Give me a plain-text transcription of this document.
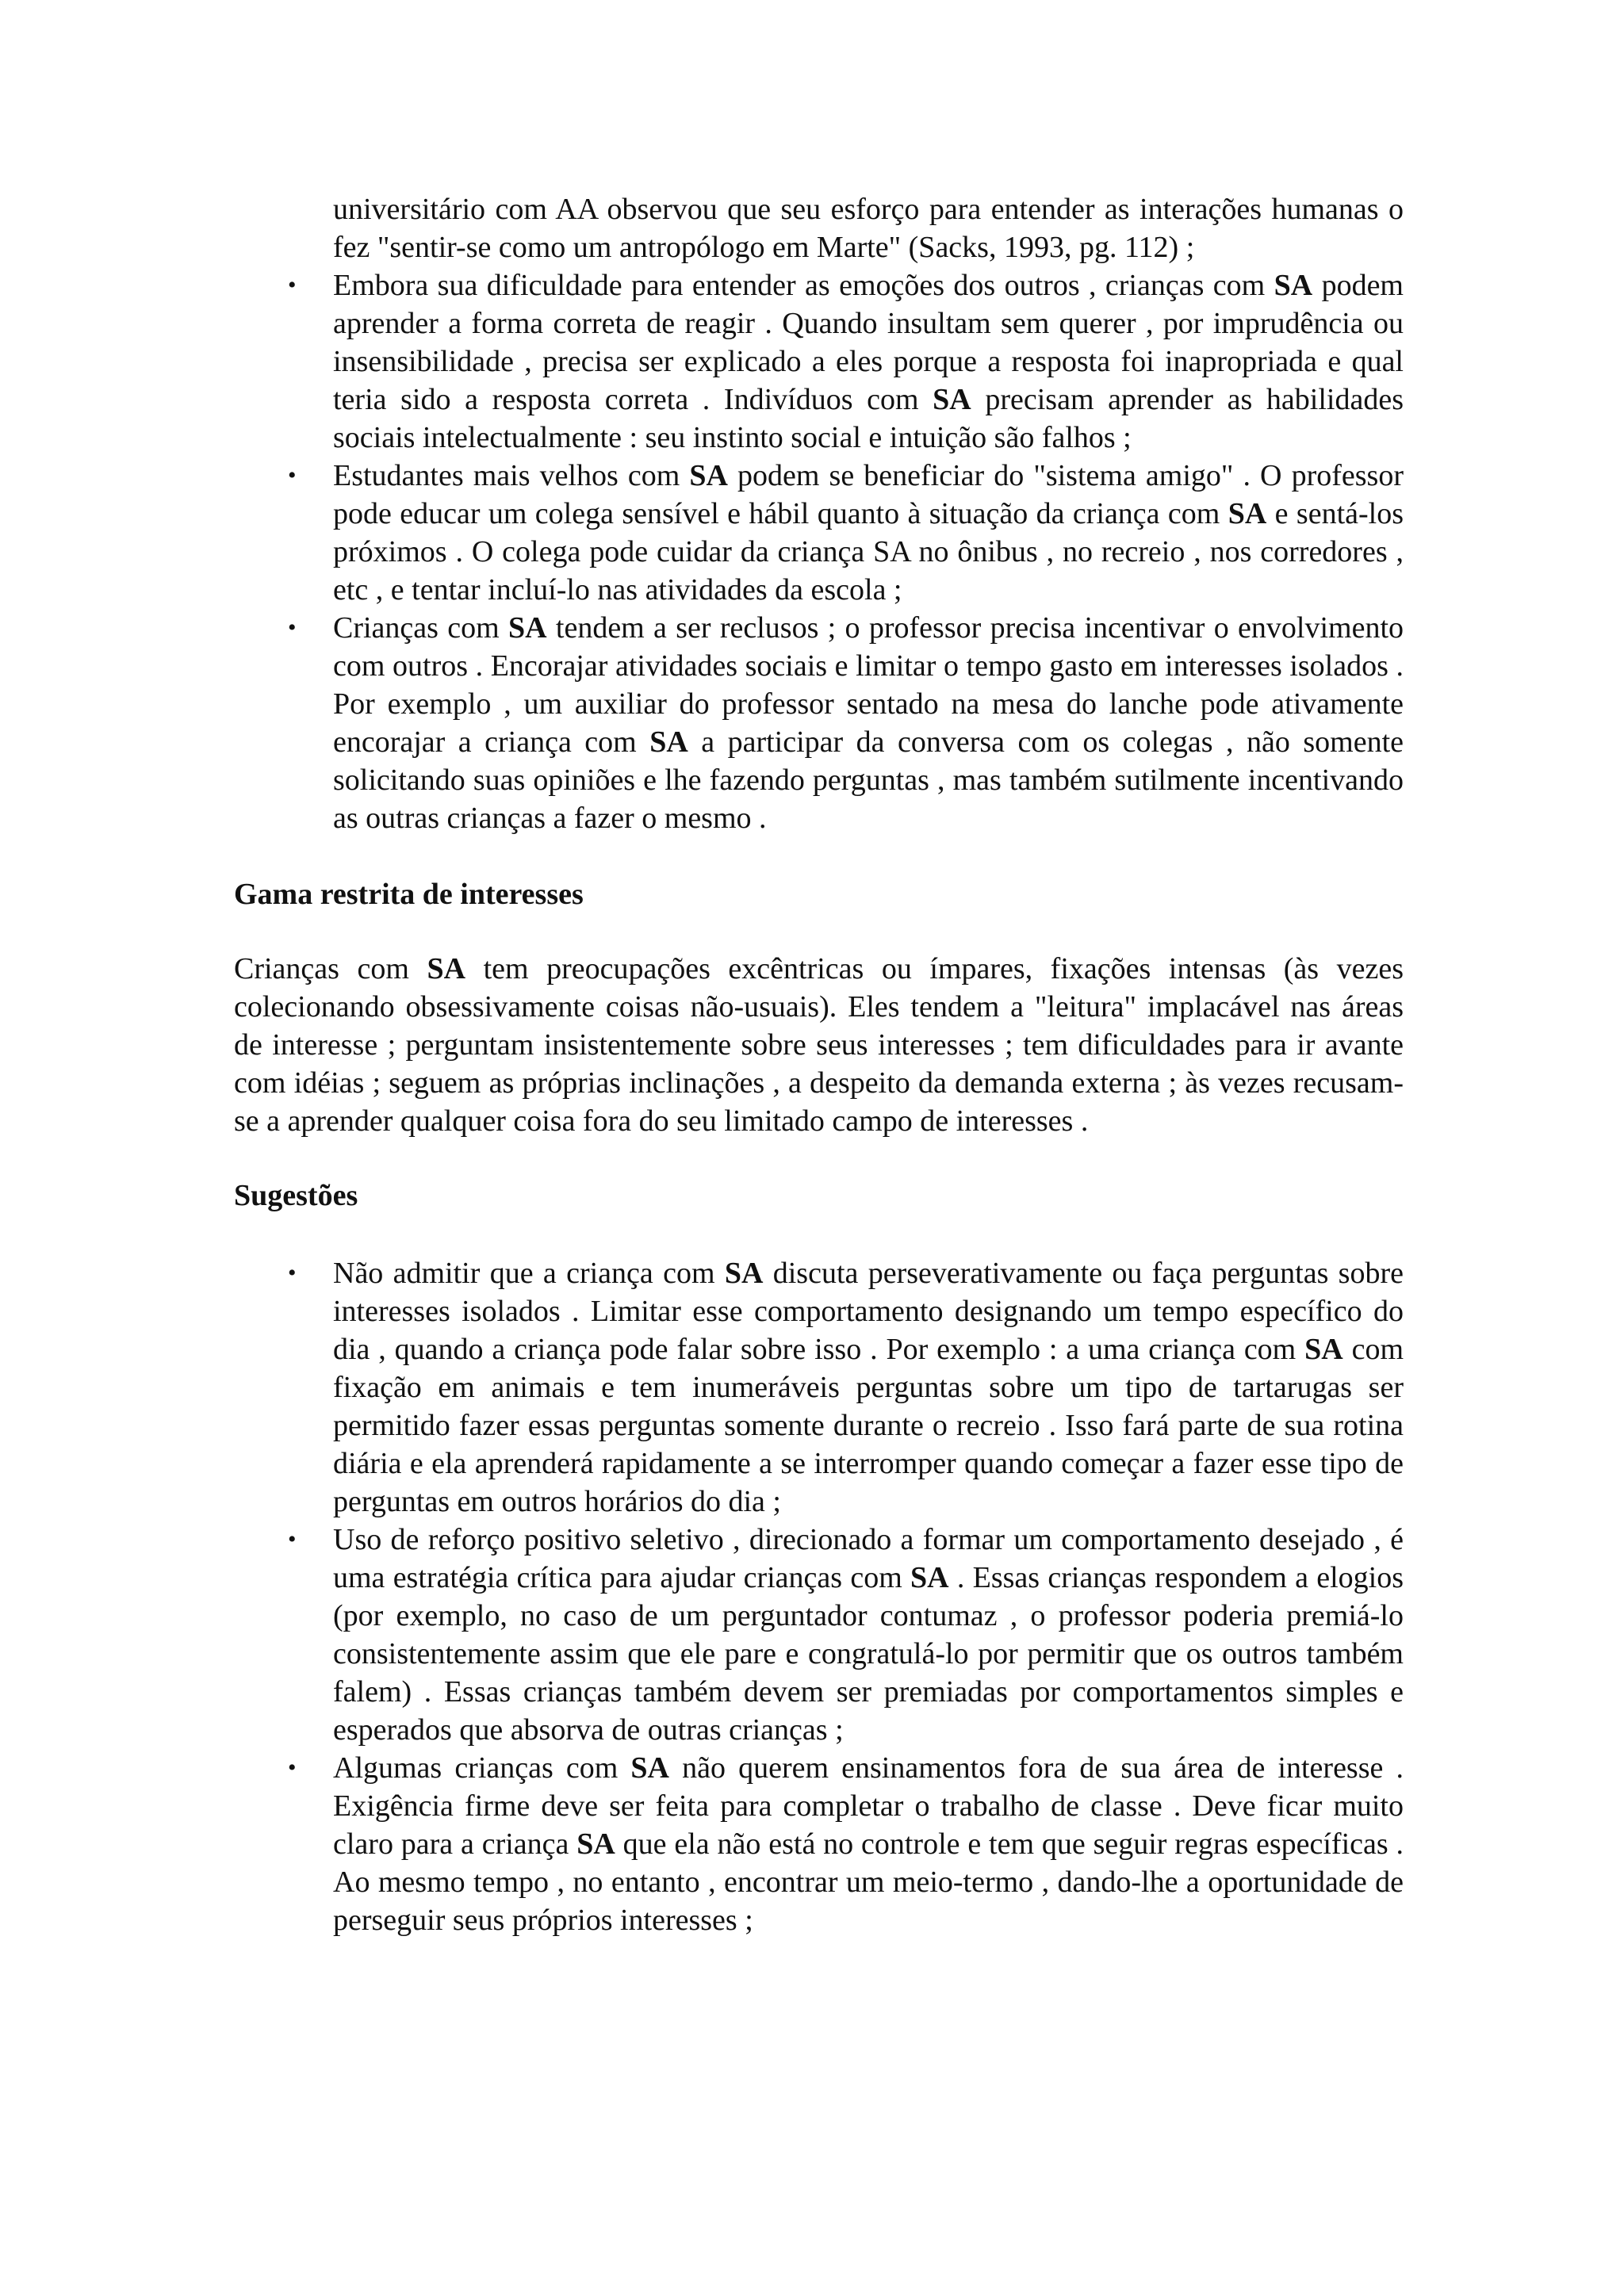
universitário com AA observou que seu esforço para entender as interações humanas o fez "sentir-se como um antropólogo em Marte" (Sacks, 1993, pg. 112) ;
• Embora sua dificuldade para entender as emoções dos outros , crianças com SA podem aprender a forma correta de reagir . Quando insultam sem querer , por imprudência ou insensibilidade , precisa ser explicado a eles porque a resposta foi inapropriada e qual teria sido a resposta correta . Indivíduos com SA precisam aprender as habilidades sociais intelectualmente : seu instinto social e intuição são falhos ;
• Estudantes mais velhos com SA podem se beneficiar do "sistema amigo" . O professor pode educar um colega sensível e hábil quanto à situação da criança com SA e sentá-los próximos . O colega pode cuidar da criança SA no ônibus , no recreio , nos corredores , etc , e tentar incluí-lo nas atividades da escola ;
• Crianças com SA tendem a ser reclusos ; o professor precisa incentivar o envolvimento com outros . Encorajar atividades sociais e limitar o tempo gasto em interesses isolados . Por exemplo , um auxiliar do professor sentado na mesa do lanche pode ativamente encorajar a criança com SA a participar da conversa com os colegas , não somente solicitando suas opiniões e lhe fazendo perguntas , mas também sutilmente incentivando as outras crianças a fazer o mesmo .

Gama restrita de interesses

Crianças com SA tem preocupações excêntricas ou ímpares, fixações intensas (às vezes colecionando obsessivamente coisas não-usuais). Eles tendem a "leitura" implacável nas áreas de interesse ; perguntam insistentemente sobre seus interesses ; tem dificuldades para ir avante com idéias ; seguem as próprias inclinações , a despeito da demanda externa ; às vezes recusam-se a aprender qualquer coisa fora do seu limitado campo de interesses .

Sugestões

• Não admitir que a criança com SA discuta perseverativamente ou faça perguntas sobre interesses isolados . Limitar esse comportamento designando um tempo específico do dia , quando a criança pode falar sobre isso . Por exemplo : a uma criança com SA com fixação em animais e tem inumeráveis perguntas sobre um tipo de tartarugas ser permitido fazer essas perguntas somente durante o recreio . Isso fará parte de sua rotina diária e ela aprenderá rapidamente a se interromper quando começar a fazer esse tipo de perguntas em outros horários do dia ;
• Uso de reforço positivo seletivo , direcionado a formar um comportamento desejado , é uma estratégia crítica para ajudar crianças com SA . Essas crianças respondem a elogios (por exemplo, no caso de um perguntador contumaz , o professor poderia premiá-lo consistentemente assim que ele pare e congratulá-lo por permitir que os outros também falem) . Essas crianças também devem ser premiadas por comportamentos simples e esperados que absorva de outras crianças ;
• Algumas crianças com SA não querem ensinamentos fora de sua área de interesse . Exigência firme deve ser feita para completar o trabalho de classe . Deve ficar muito claro para a criança SA que ela não está no controle e tem que seguir regras específicas . Ao mesmo tempo , no entanto , encontrar um meio-termo , dando-lhe a oportunidade de perseguir seus próprios interesses ;
